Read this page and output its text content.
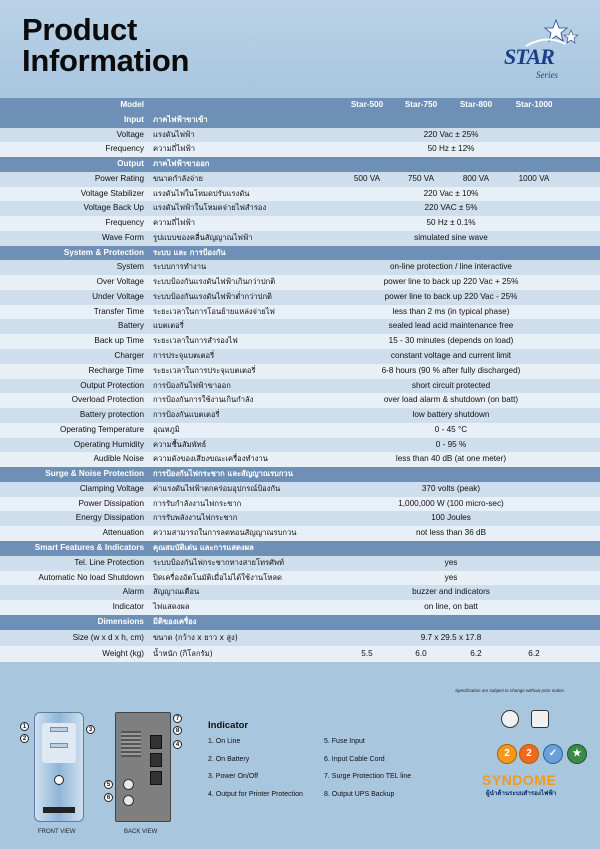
Product
Information	STAR
Series
Model	Star-500	Star-750	Star-800	Star-1000
Input	ภาคไฟฟ้าขาเข้า
Voltage	แรงดันไฟฟ้า	220 Vac ± 25%
Frequency	ความถี่ไฟฟ้า	50 Hz ± 12%
Output	ภาคไฟฟ้าขาออก
Power Rating	ขนาดกำลังจ่าย	500 VA	750 VA	800 VA	1000 VA
Voltage Stabilizer	แรงดันไฟในโหมดปรับแรงดัน	220 Vac ± 10%
Voltage Back Up	แรงดันไฟฟ้าในโหมดจ่ายไฟสำรอง	220 VAC ± 5%
Frequency	ความถี่ไฟฟ้า	50 Hz ± 0.1%
Wave Form	รูปแบบของคลื่นสัญญาณไฟฟ้า	simulated sine wave
System & Protection	ระบบ และ การป้องกัน
System	ระบบการทำงาน	on-line protection / line interactive
Over Voltage	ระบบป้องกันแรงดันไฟฟ้าเกินกว่าปกติ	power line to back up 220 Vac + 25%
Under Voltage	ระบบป้องกันแรงดันไฟฟ้าต่ำกว่าปกติ	power line to back up 220 Vac - 25%
Transfer Time	ระยะเวลาในการโอนย้ายแหล่งจ่ายไฟ	less than 2 ms (in typical phase)
Battery	แบตเตอรี่	sealed lead acid maintenance free
Back up Time	ระยะเวลาในการสำรองไฟ	15 - 30 minutes (depends on load)
Charger	การประจุแบตเตอรี่	constant voltage and current limit
Recharge Time	ระยะเวลาในการประจุแบตเตอรี่	6-8 hours (90 % after fully discharged)
Output Protection	การป้องกันไฟฟ้าขาออก	short circuit protected
Overload Protection	การป้องกันการใช้งานเกินกำลัง	over load alarm & shutdown (on batt)
Battery protection	การป้องกันแบตเตอรี่	low battery shutdown
Operating Temperature	อุณหภูมิ	0 - 45 °C
Operating Humidity	ความชื้นสัมพัทธ์	0 - 95 %
Audible Noise	ความดังของเสียงขณะเครื่องทำงาน	less than 40 dB (at one meter)
Surge & Noise Protection	การป้องกันไฟกระชาก และสัญญาณรบกวน
Clamping Voltage	ค่าแรงดันไฟฟ้าตกคร่อมอุปกรณ์ป้องกัน	370 volts (peak)
Power Dissipation	การรับกำลังงานไฟกระชาก	1,000,000 W (100 micro-sec)
Energy Dissipation	การรับพลังงานไฟกระชาก	100 Joules
Attenuation	ความสามารถในการลดทอนสัญญาณรบกวน	not less than 36 dB
Smart Features & Indicators	คุณสมบัติเด่น และการแสดงผล
Tel. Line Protection	ระบบป้องกันไฟกระชากทางสายโทรศัพท์	yes
Automatic No load Shutdown	ปิดเครื่องอัตโนมัติเมื่อไม่ได้ใช้งานโหลด	yes
Alarm	สัญญาณเตือน	buzzer and indicators
Indicator	ไฟแสดงผล	on line, on batt
Dimensions	มิติของเครื่อง
Size (w x d x h, cm)	ขนาด (กว้าง x ยาว x สูง)	9.7 x 29.5 x 17.8
Weight (kg)	น้ำหนัก (กิโลกรัม)	5.5	6.0	6.2	6.2
Specification are subject to change without prior notice.
1
2
3
FRONT VIEW
7
8
4
5
6
BACK VIEW
Indicator
1. On Line
2. On Battery
3. Power On/Off
4. Output for Printer Protection
5. Fuse Input
6. Input Cable Cord
7. Surge Protection TEL line
8. Output UPS Backup
2	2	✓	★
SYNDOME
ผู้นำด้านระบบสำรองไฟฟ้า
